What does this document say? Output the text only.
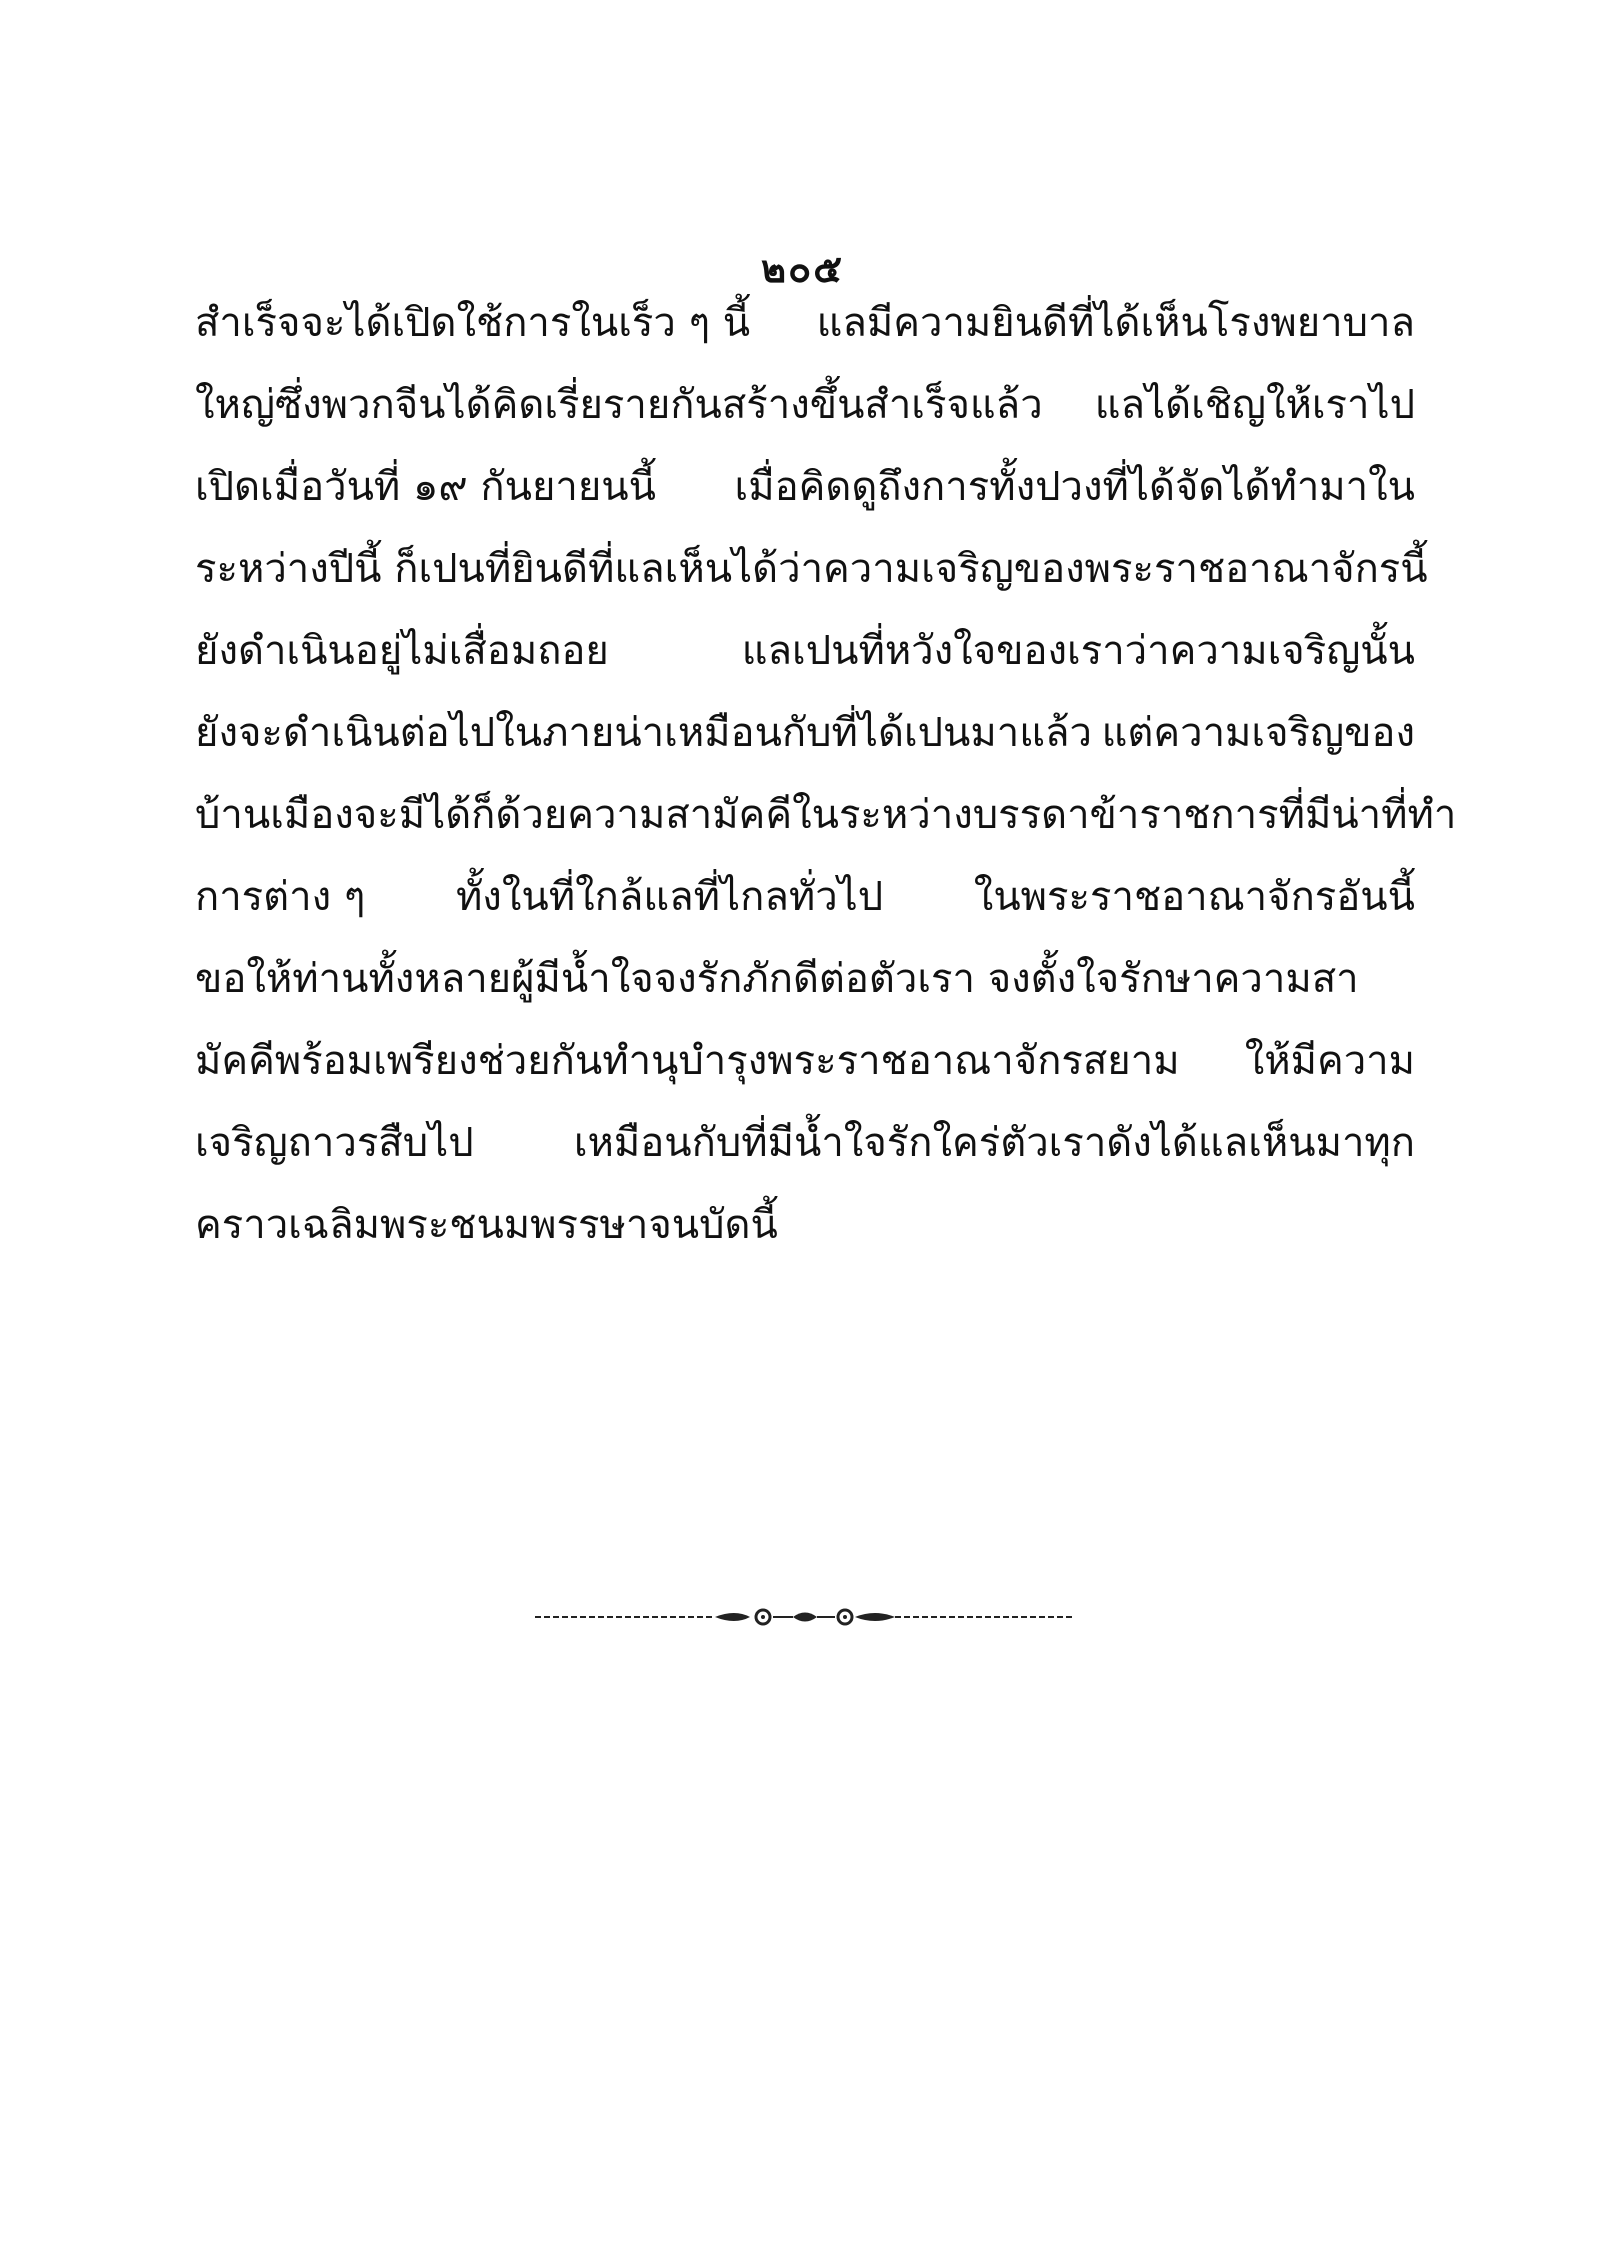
๒๐๕
สำเร็จจะได้เปิดใช้การในเร็ว ๆ นี้ แลมีความยินดีที่ได้เห็นโรงพยาบาล
ใหญ่ซึ่งพวกจีนได้คิดเรี่ยรายกันสร้างขึ้นสำเร็จแล้ว แลได้เชิญให้เราไป
เปิดเมื่อวันที่ ๑๙ กันยายนนี้ เมื่อคิดดูถึงการทั้งปวงที่ได้จัดได้ทำมาใน
ระหว่างปีนี้ ก็เปนที่ยินดีที่แลเห็นได้ว่าความเจริญของพระราชอาณาจักรนี้
ยังดำเนินอยู่ไม่เสื่อมถอย	แลเปนที่หวังใจของเราว่าความเจริญนั้น
ยังจะดำเนินต่อไปในภายน่าเหมือนกับที่ได้เปนมาแล้ว แต่ความเจริญของ
บ้านเมืองจะมีได้ก็ด้วยความสามัคคีในระหว่างบรรดาข้าราชการที่มีน่าที่ทำ
การต่าง ๆ ทั้งในที่ใกล้แลที่ไกลทั่วไป ในพระราชอาณาจักรอันนี้
ขอให้ท่านทั้งหลายผู้มีน้ำใจจงรักภักดีต่อตัวเรา จงตั้งใจรักษาความสา
มัคคีพร้อมเพรียงช่วยกันทำนุบำรุงพระราชอาณาจักรสยาม ให้มีความ
เจริญถาวรสืบไป	เหมือนกับที่มีน้ำใจรักใคร่ตัวเราดังได้แลเห็นมาทุก
คราวเฉลิมพระชนมพรรษาจนบัดนี้
